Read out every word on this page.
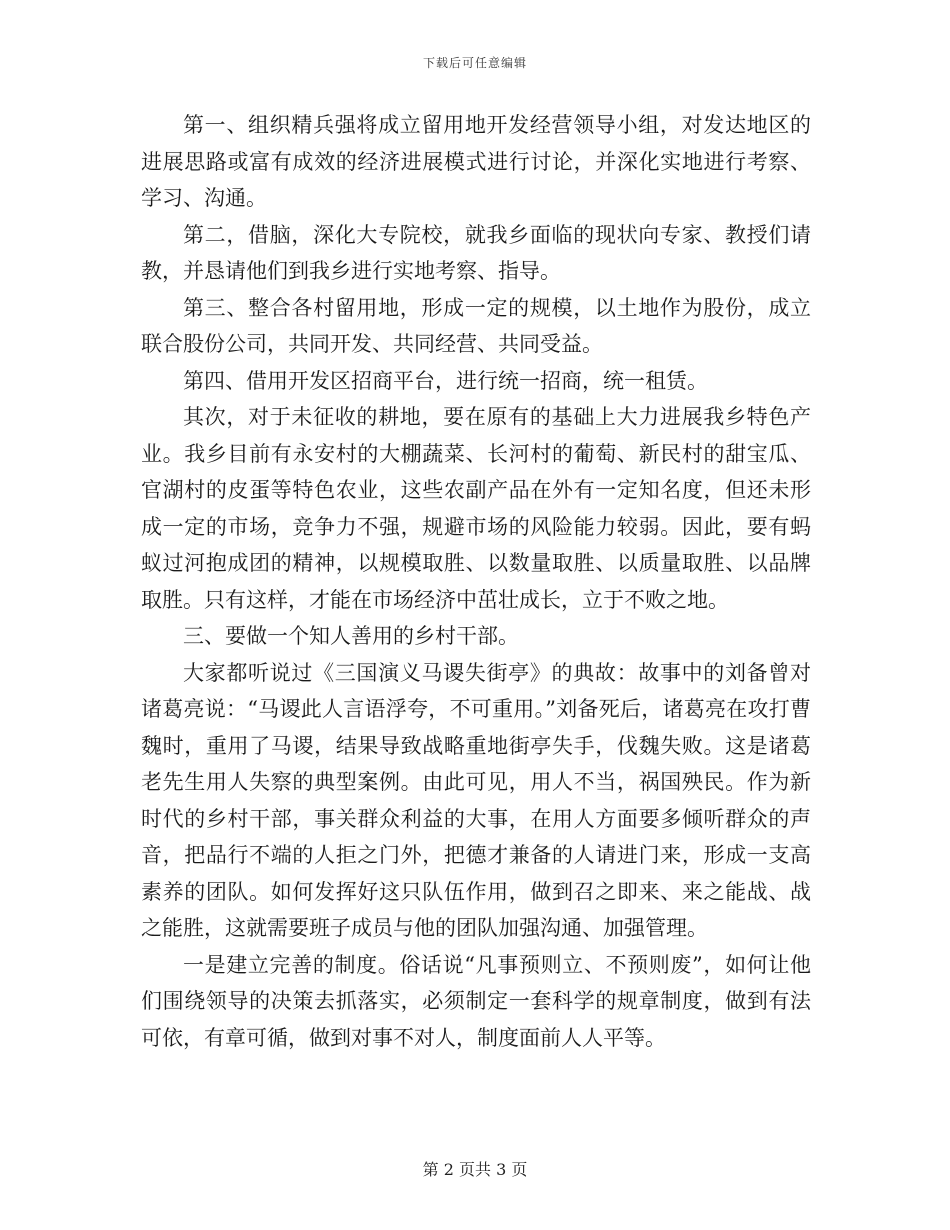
下载后可任意编辑

第一、组织精兵强将成立留用地开发经营领导小组，对发达地区的进展思路或富有成效的经济进展模式进行讨论，并深化实地进行考察、学习、沟通。

第二，借脑，深化大专院校，就我乡面临的现状向专家、教授们请教，并恳请他们到我乡进行实地考察、指导。

第三、整合各村留用地，形成一定的规模，以土地作为股份，成立联合股份公司，共同开发、共同经营、共同受益。

第四、借用开发区招商平台，进行统一招商，统一租赁。

其次，对于未征收的耕地，要在原有的基础上大力进展我乡特色产业。我乡目前有永安村的大棚蔬菜、长河村的葡萄、新民村的甜宝瓜、官湖村的皮蛋等特色农业，这些农副产品在外有一定知名度，但还未形成一定的市场，竞争力不强，规避市场的风险能力较弱。因此，要有蚂蚁过河抱成团的精神，以规模取胜、以数量取胜、以质量取胜、以品牌取胜。只有这样，才能在市场经济中茁壮成长，立于不败之地。

三、要做一个知人善用的乡村干部。

大家都听说过《三国演义马谡失街亭》的典故：故事中的刘备曾对诸葛亮说：“马谡此人言语浮夸，不可重用。”刘备死后，诸葛亮在攻打曹魏时，重用了马谡，结果导致战略重地街亭失手，伐魏失败。这是诸葛老先生用人失察的典型案例。由此可见，用人不当，祸国殃民。作为新时代的乡村干部，事关群众利益的大事，在用人方面要多倾听群众的声音，把品行不端的人拒之门外，把德才兼备的人请进门来，形成一支高素养的团队。如何发挥好这只队伍作用，做到召之即来、来之能战、战之能胜，这就需要班子成员与他的团队加强沟通、加强管理。

一是建立完善的制度。俗话说“凡事预则立、不预则废”，如何让他们围绕领导的决策去抓落实，必须制定一套科学的规章制度，做到有法可依，有章可循，做到对事不对人，制度面前人人平等。

第 2 页共 3 页
